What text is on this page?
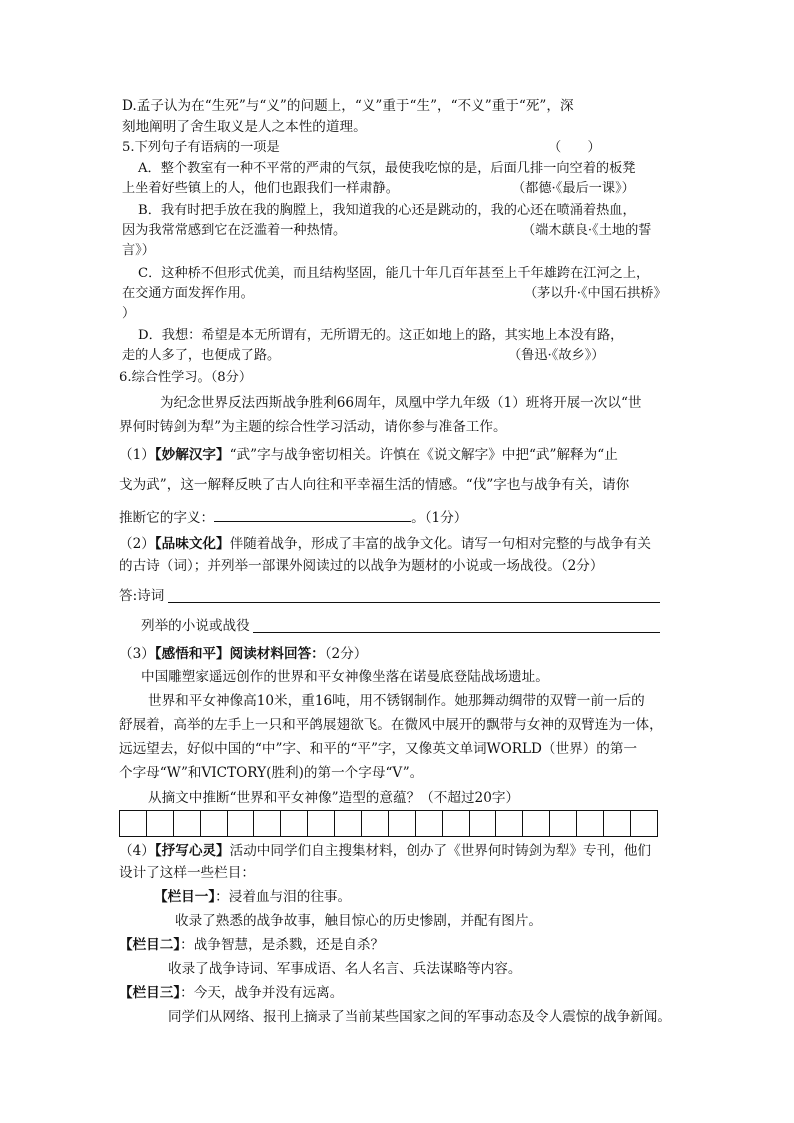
D.孟子认为在“生死”与“义”的问题上，“义”重于“生”，“不义”重于“死”，深
刻地阐明了舍生取义是人之本性的道理。
5.下列句子有语病的一项是	（　　）
A．整个教室有一种不平常的严肃的气氛，最使我吃惊的是，后面几排一向空着的板凳
上坐着好些镇上的人，他们也跟我们一样肃静。	（都德·《最后一课》）
B．我有时把手放在我的胸膛上，我知道我的心还是跳动的，我的心还在喷涌着热血，
因为我常常感到它在泛滥着一种热情。	（端木蕻良·《土地的誓
言》）
C．这种桥不但形式优美，而且结构坚固，能几十年几百年甚至上千年雄跨在江河之上，
在交通方面发挥作用。	（茅以升·《中国石拱桥》
）
D．我想：希望是本无所谓有，无所谓无的。这正如地上的路，其实地上本没有路，
走的人多了，也便成了路。	（鲁迅·《故乡》）
6.综合性学习。（8分）
为纪念世界反法西斯战争胜利66周年，凤凰中学九年级（1）班将开展一次以“世
界何时铸剑为犁”为主题的综合性学习活动，请你参与准备工作。
（1）【妙解汉字】“武”字与战争密切相关。许慎在《说文解字》中把“武”解释为“止
戈为武”，这一解释反映了古人向往和平幸福生活的情感。“伐”字也与战争有关，请你
推断它的字义：	。（1分）
（2）【品味文化】伴随着战争，形成了丰富的战争文化。请写一句相对完整的与战争有关
的古诗（词）；并列举一部课外阅读过的以战争为题材的小说或一场战役。（2分）
答:诗词
列举的小说或战役
（3）【感悟和平】阅读材料回答：（2分）
中国雕塑家遥远创作的世界和平女神像坐落在诺曼底登陆战场遗址。
世界和平女神像高10米，重16吨，用不锈钢制作。她那舞动绸带的双臂一前一后的
舒展着，高举的左手上一只和平鸽展翅欲飞。在微风中展开的飘带与女神的双臂连为一体，
远远望去，好似中国的“中”字、和平的“平”字，又像英文单词WORLD（世界）的第一
个字母“W”和VICTORY(胜利)的第一个字母“V”。
从摘文中推断“世界和平女神像”造型的意蕴？（不超过20字）
（4）【抒写心灵】活动中同学们自主搜集材料，创办了《世界何时铸剑为犁》专刊，他们
设计了这样一些栏目：
【栏目一】：浸着血与泪的往事。
收录了熟悉的战争故事，触目惊心的历史惨剧，并配有图片。
【栏目二】：战争智慧，是杀戮，还是自杀？
收录了战争诗词、军事成语、名人名言、兵法谋略等内容。
【栏目三】：今天，战争并没有远离。
同学们从网络、报刊上摘录了当前某些国家之间的军事动态及令人震惊的战争新闻。
